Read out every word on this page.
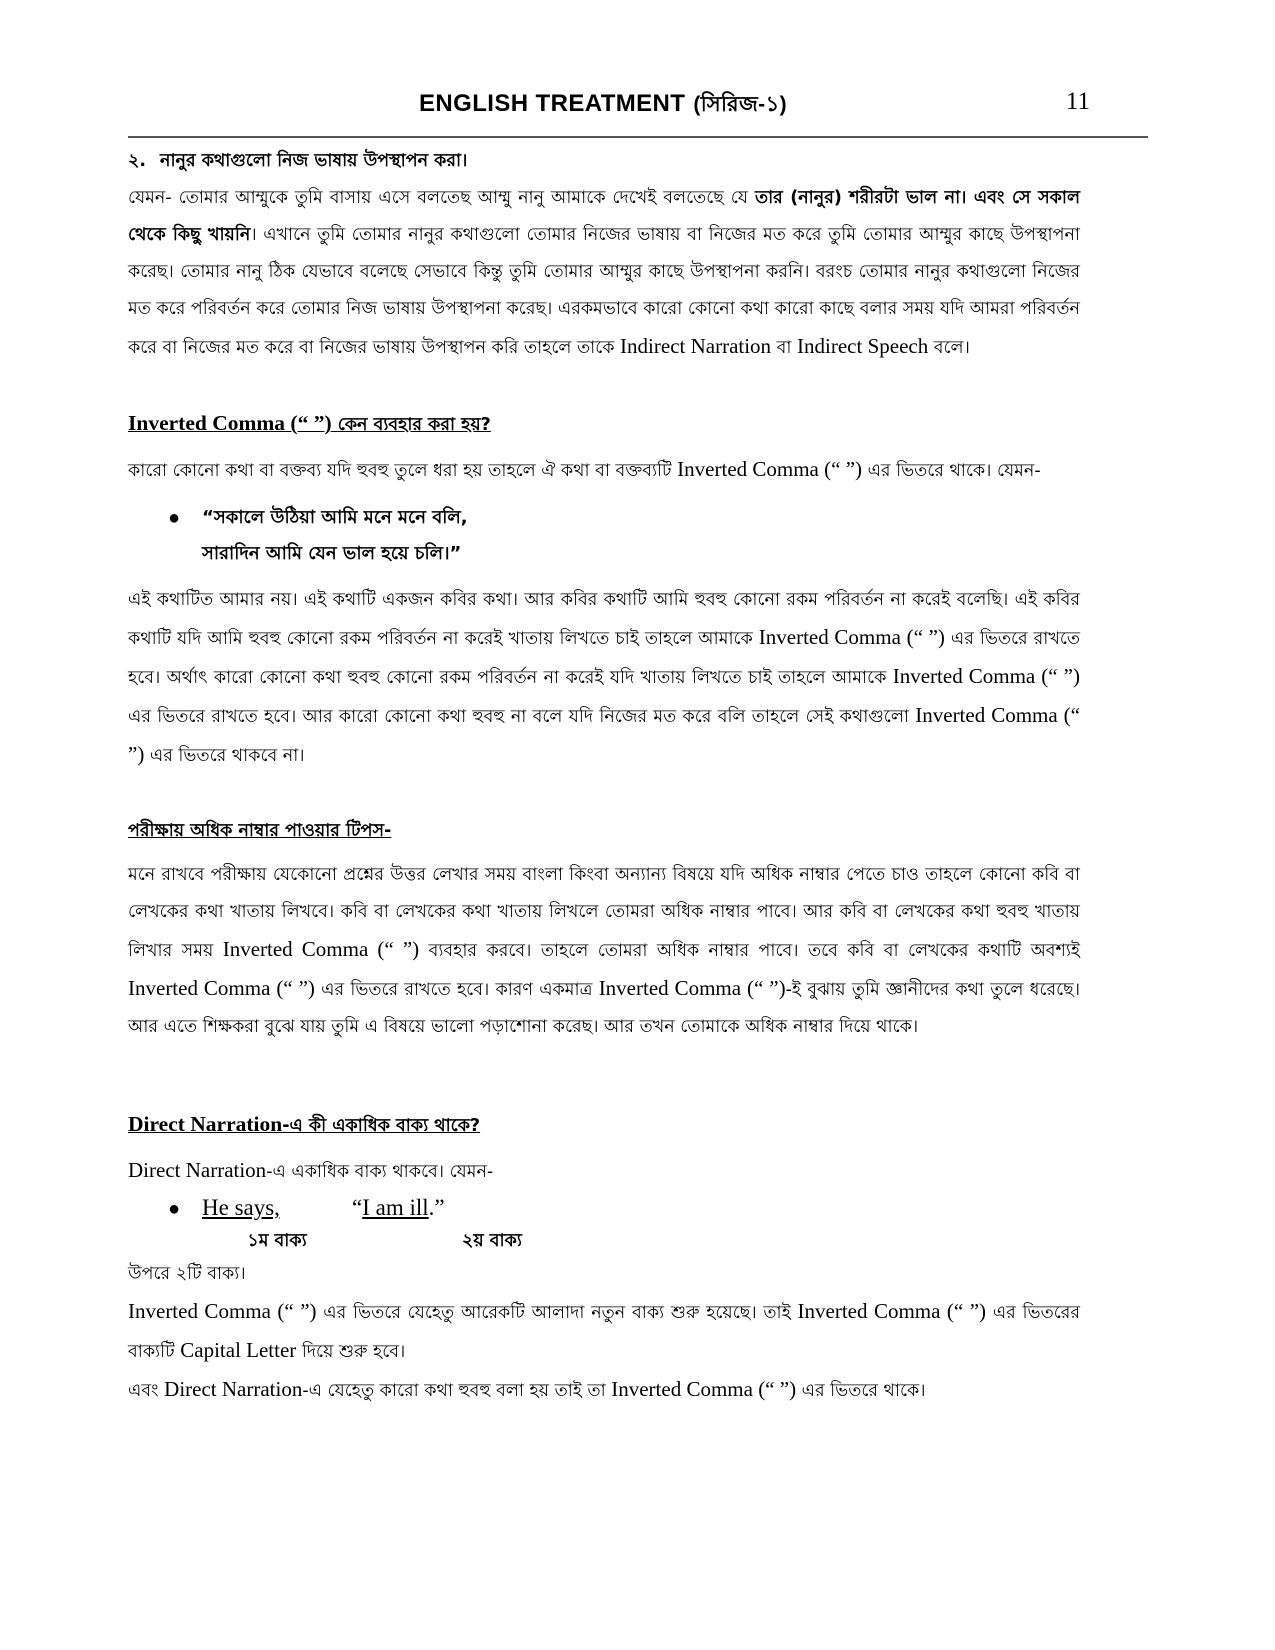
ENGLISH TREATMENT (সিরিজ-১)	11
২. নানুর কথাগুলো নিজ ভাষায় উপস্থাপন করা।
যেমন- তোমার আম্মুকে তুমি বাসায় এসে বলতেছ আম্মু নানু আমাকে দেখেই বলতেছে যে তার (নানুর) শরীরটা ভাল না। এবং সে সকাল থেকে কিছু খায়নি। এখানে তুমি তোমার নানুর কথাগুলো তোমার নিজের ভাষায় বা নিজের মত করে তুমি তোমার আম্মুর কাছে উপস্থাপনা করেছ। তোমার নানু ঠিক যেভাবে বলেছে সেভাবে কিন্তু তুমি তোমার আম্মুর কাছে উপস্থাপনা করনি। বরংচ তোমার নানুর কথাগুলো নিজের মত করে পরিবর্তন করে তোমার নিজ ভাষায় উপস্থাপনা করেছ। এরকমভাবে কারো কোনো কথা কারো কাছে বলার সময় যদি আমরা পরিবর্তন করে বা নিজের মত করে বা নিজের ভাষায় উপস্থাপন করি তাহলে তাকে Indirect Narration বা Indirect Speech বলে।
Inverted Comma (“ ”) কেন ব্যবহার করা হয়?
কারো কোনো কথা বা বক্তব্য যদি হুবহু তুলে ধরা হয় তাহলে ঐ কথা বা বক্তব্যটি Inverted Comma (“ ”) এর ভিতরে থাকে। যেমন-
●	“সকালে উঠিয়া আমি মনে মনে বলি,

সারাদিন আমি যেন ভাল হয়ে চলি।”
এই কথাটিত আমার নয়। এই কথাটি একজন কবির কথা। আর কবির কথাটি আমি হুবহু কোনো রকম পরিবর্তন না করেই বলেছি। এই কবির কথাটি যদি আমি হুবহু কোনো রকম পরিবর্তন না করেই খাতায় লিখতে চাই তাহলে আমাকে Inverted Comma (“ ”) এর ভিতরে রাখতে হবে। অর্থাৎ কারো কোনো কথা হুবহু কোনো রকম পরিবর্তন না করেই যদি খাতায় লিখতে চাই তাহলে আমাকে Inverted Comma (“ ”) এর ভিতরে রাখতে হবে। আর কারো কোনো কথা হুবহু না বলে যদি নিজের মত করে বলি তাহলে সেই কথাগুলো Inverted Comma (“ ”) এর ভিতরে থাকবে না।
পরীক্ষায় অধিক নাম্বার পাওয়ার টিপস-
মনে রাখবে পরীক্ষায় যেকোনো প্রশ্নের উত্তর লেখার সময় বাংলা কিংবা অন্যান্য বিষয়ে যদি অধিক নাম্বার পেতে চাও তাহলে কোনো কবি বা লেখকের কথা খাতায় লিখবে। কবি বা লেখকের কথা খাতায় লিখলে তোমরা অধিক নাম্বার পাবে। আর কবি বা লেখকের কথা হুবহু খাতায় লিখার সময় Inverted Comma (“ ”) ব্যবহার করবে। তাহলে তোমরা অধিক নাম্বার পাবে। তবে কবি বা লেখকের কথাটি অবশ্যই Inverted Comma (“ ”) এর ভিতরে রাখতে হবে। কারণ একমাত্র Inverted Comma (“ ”)-ই বুঝায় তুমি জ্ঞানীদের কথা তুলে ধরেছে। আর এতে শিক্ষকরা বুঝে যায় তুমি এ বিষয়ে ভালো পড়াশোনা করেছ। আর তখন তোমাকে অধিক নাম্বার দিয়ে থাকে।
Direct Narration-এ কী একাধিক বাক্য থাকে?
Direct Narration-এ একাধিক বাক্য থাকবে। যেমন-
● He says,	“I am ill.”
১ম বাক্য	২য় বাক্য
উপরে ২টি বাক্য।
Inverted Comma (“ ”) এর ভিতরে যেহেতু আরেকটি আলাদা নতুন বাক্য শুরু হয়েছে। তাই Inverted Comma (“ ”) এর ভিতরের বাক্যটি Capital Letter দিয়ে শুরু হবে।
এবং Direct Narration-এ যেহেতু কারো কথা হুবহু বলা হয় তাই তা Inverted Comma (“ ”) এর ভিতরে থাকে।
